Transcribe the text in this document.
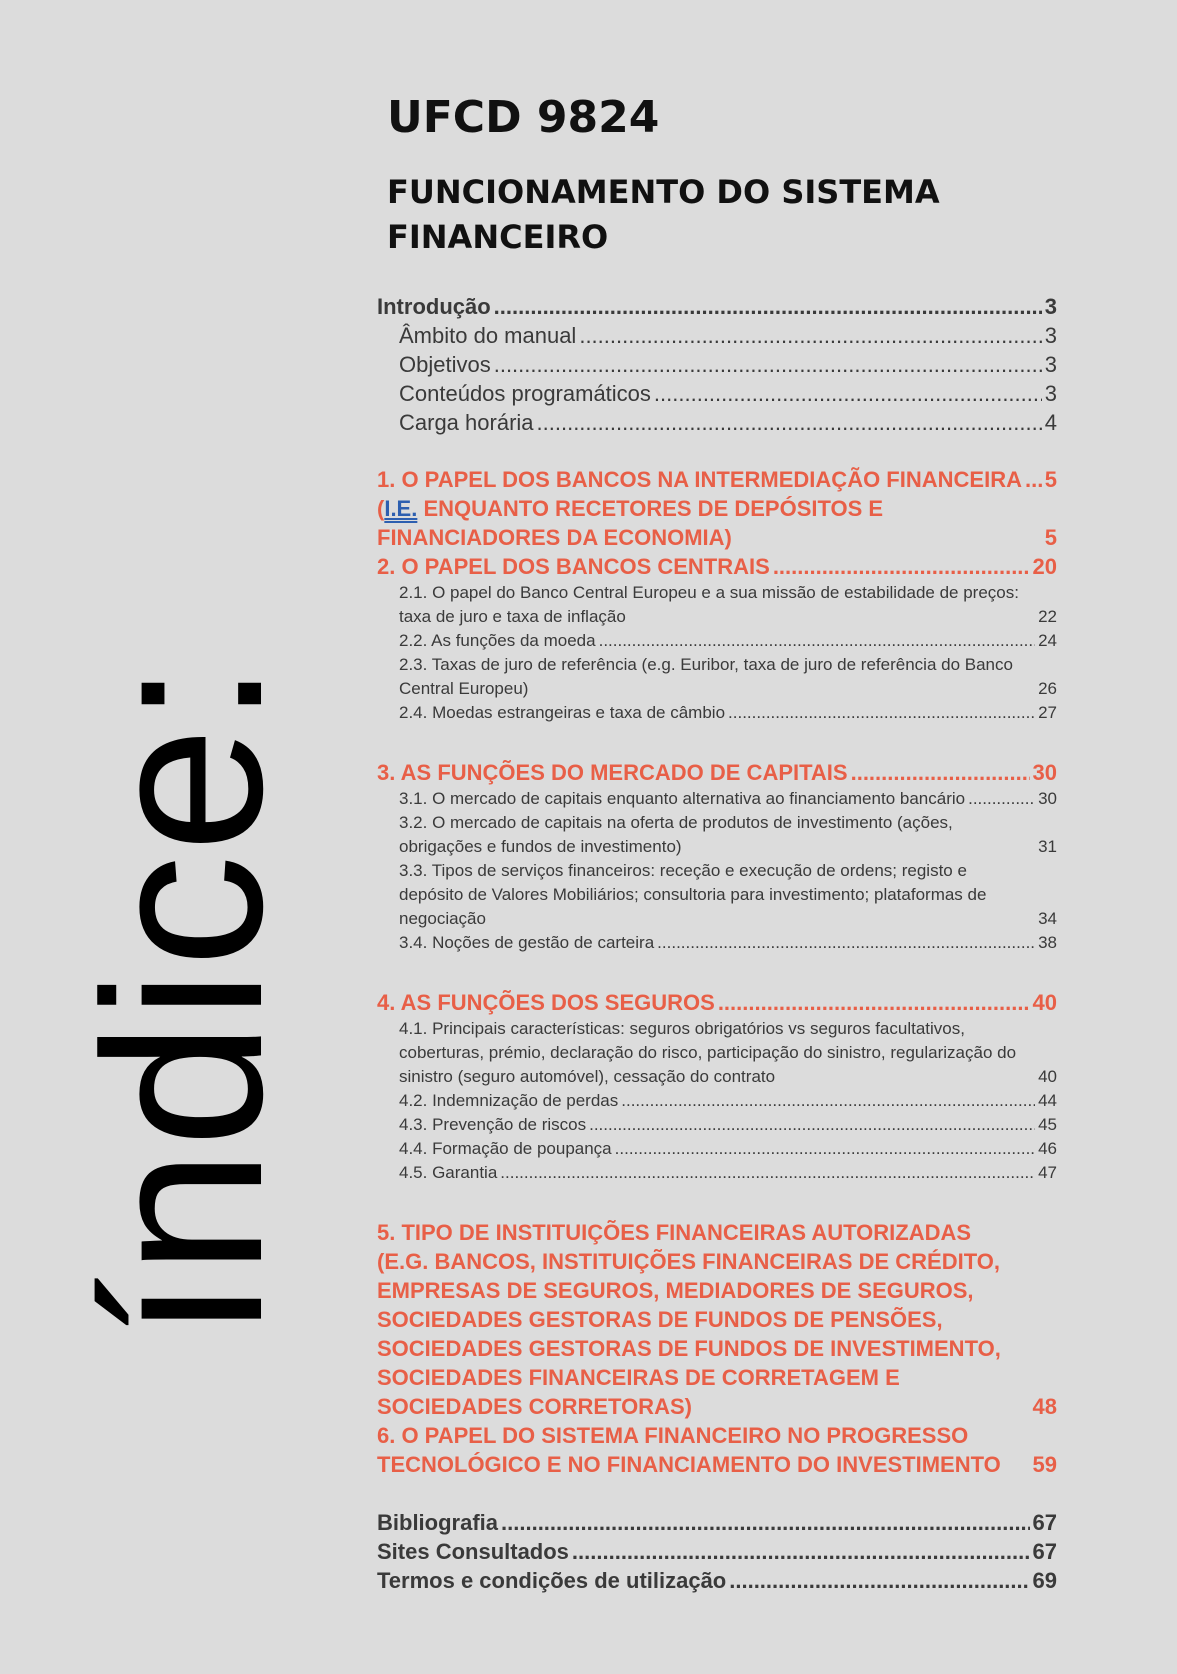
índice:
UFCD 9824
FUNCIONAMENTO DO SISTEMA FINANCEIRO
Introdução .....	3
Âmbito do manual .....	3
Objetivos .....	3
Conteúdos programáticos .....	3
Carga horária .....	4
1. O PAPEL DOS BANCOS NA INTERMEDIAÇÃO FINANCEIRA ..... 5
(I.E. ENQUANTO RECETORES DE DEPÓSITOS E FINANCIADORES DA ECONOMIA)	5
2. O PAPEL DOS BANCOS CENTRAIS .....	20
2.1. O papel do Banco Central Europeu e a sua missão de estabilidade de preços: taxa de juro e taxa de inflação	22
2.2. As funções da moeda .....	24
2.3. Taxas de juro de referência (e.g. Euribor, taxa de juro de referência do Banco Central Europeu)	26
2.4. Moedas estrangeiras e taxa de câmbio .....	27
3. AS FUNÇÕES DO MERCADO DE CAPITAIS .....	30
3.1. O mercado de capitais enquanto alternativa ao financiamento bancário .....	30
3.2. O mercado de capitais na oferta de produtos de investimento (ações, obrigações e fundos de investimento)	31
3.3. Tipos de serviços financeiros: receção e execução de ordens; registo e depósito de Valores Mobiliários; consultoria para investimento; plataformas de negociação	34
3.4. Noções de gestão de carteira .....	38
4. AS FUNÇÕES DOS SEGUROS .....	40
4.1. Principais características: seguros obrigatórios vs seguros facultativos, coberturas, prémio, declaração do risco, participação do sinistro, regularização do sinistro (seguro automóvel), cessação do contrato	40
4.2. Indemnização de perdas .....	44
4.3. Prevenção de riscos .....	45
4.4. Formação de poupança .....	46
4.5. Garantia .....	47
5. TIPO DE INSTITUIÇÕES FINANCEIRAS AUTORIZADAS (E.G. BANCOS, INSTITUIÇÕES FINANCEIRAS DE CRÉDITO, EMPRESAS DE SEGUROS, MEDIADORES DE SEGUROS, SOCIEDADES GESTORAS DE FUNDOS DE PENSÕES, SOCIEDADES GESTORAS DE FUNDOS DE INVESTIMENTO, SOCIEDADES FINANCEIRAS DE CORRETAGEM E SOCIEDADES CORRETORAS)	48
6. O PAPEL DO SISTEMA FINANCEIRO NO PROGRESSO TECNOLÓGICO E NO FINANCIAMENTO DO INVESTIMENTO	59
Bibliografia .....	67
Sites Consultados .....	67
Termos e condições de utilização .....	69
